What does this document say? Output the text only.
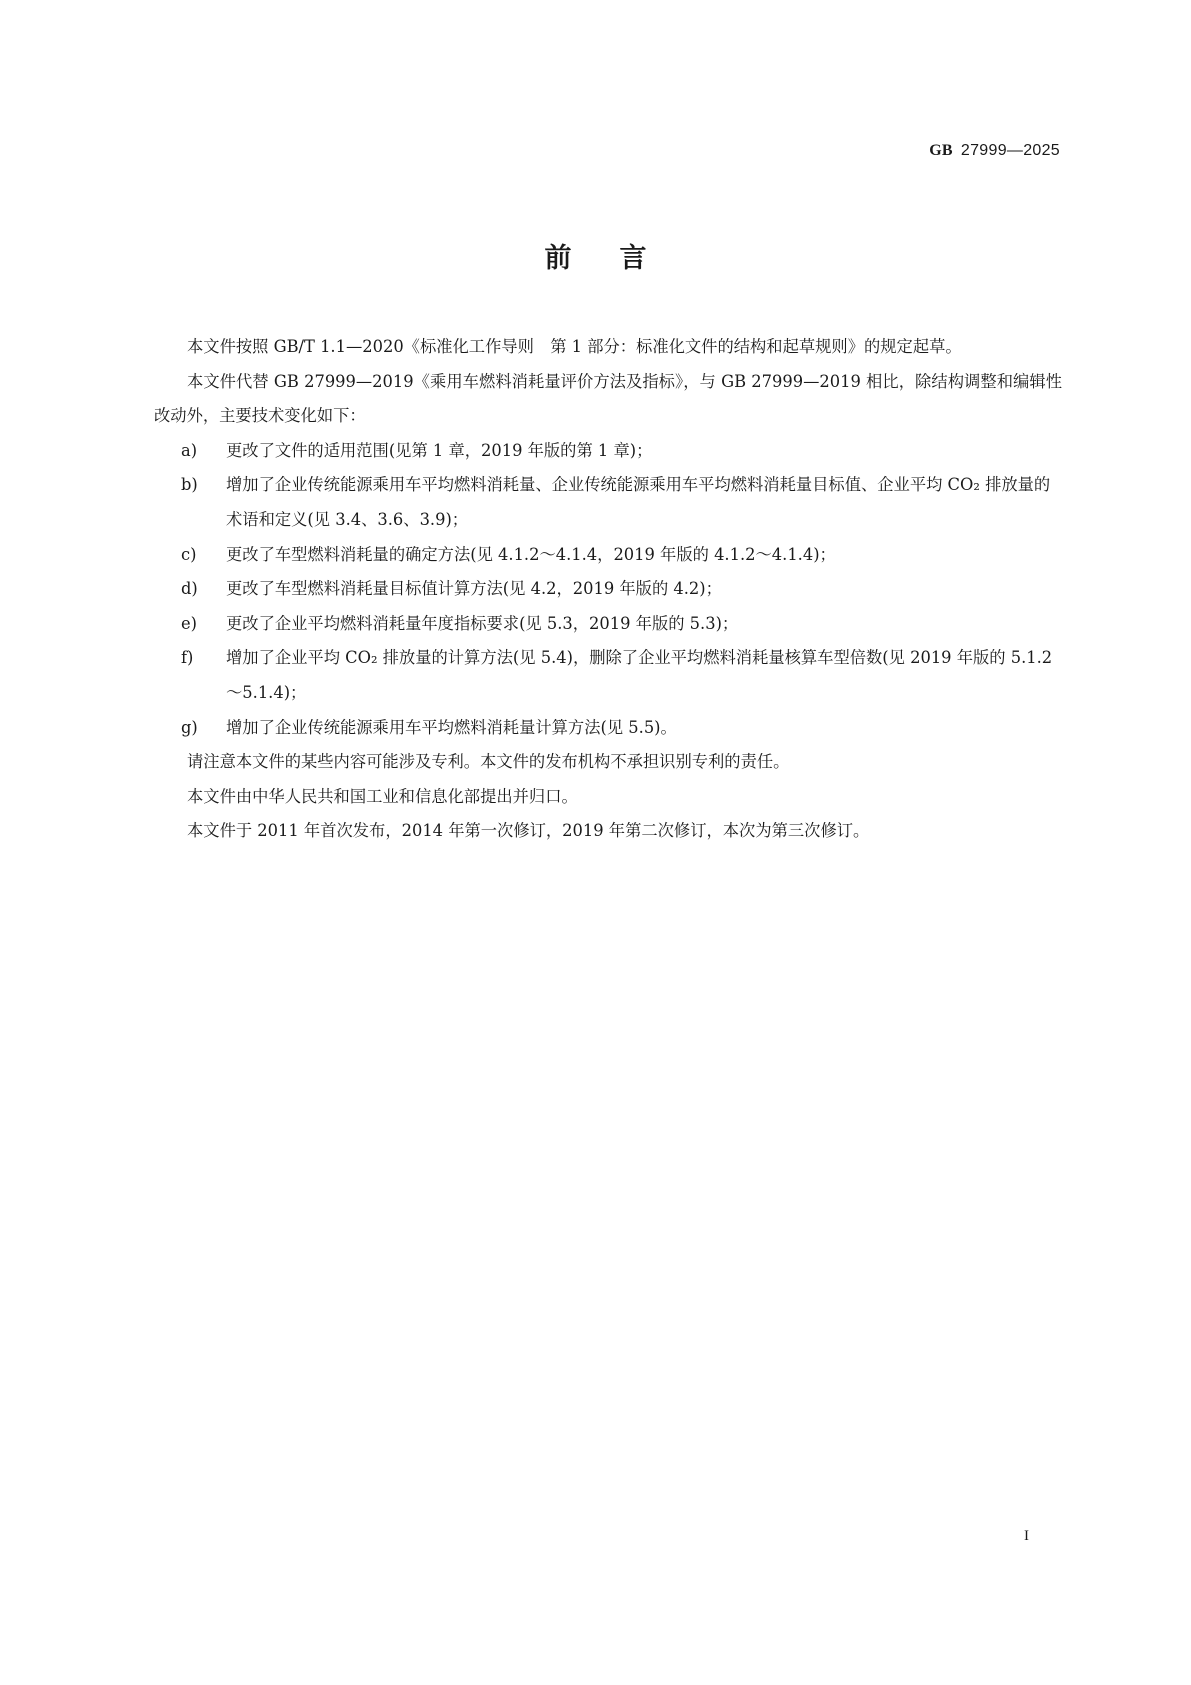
GB 27999—2025
前言

本文件按照 GB/T 1.1—2020《标准化工作导则　第 1 部分：标准化文件的结构和起草规则》的规定起草。

本文件代替 GB 27999—2019《乘用车燃料消耗量评价方法及指标》，与 GB 27999—2019 相比，除结构调整和编辑性改动外，主要技术变化如下：

a)	更改了文件的适用范围(见第 1 章，2019 年版的第 1 章)；
b)	增加了企业传统能源乘用车平均燃料消耗量、企业传统能源乘用车平均燃料消耗量目标值、企业平均 CO₂ 排放量的术语和定义(见 3.4、3.6、3.9)；
c)	更改了车型燃料消耗量的确定方法(见 4.1.2～4.1.4，2019 年版的 4.1.2～4.1.4)；
d)	更改了车型燃料消耗量目标值计算方法(见 4.2，2019 年版的 4.2)；
e)	更改了企业平均燃料消耗量年度指标要求(见 5.3，2019 年版的 5.3)；
f)	增加了企业平均 CO₂ 排放量的计算方法(见 5.4)，删除了企业平均燃料消耗量核算车型倍数(见 2019 年版的 5.1.2～5.1.4)；
g)	增加了企业传统能源乘用车平均燃料消耗量计算方法(见 5.5)。

请注意本文件的某些内容可能涉及专利。本文件的发布机构不承担识别专利的责任。

本文件由中华人民共和国工业和信息化部提出并归口。

本文件于 2011 年首次发布，2014 年第一次修订，2019 年第二次修订，本次为第三次修订。

I
